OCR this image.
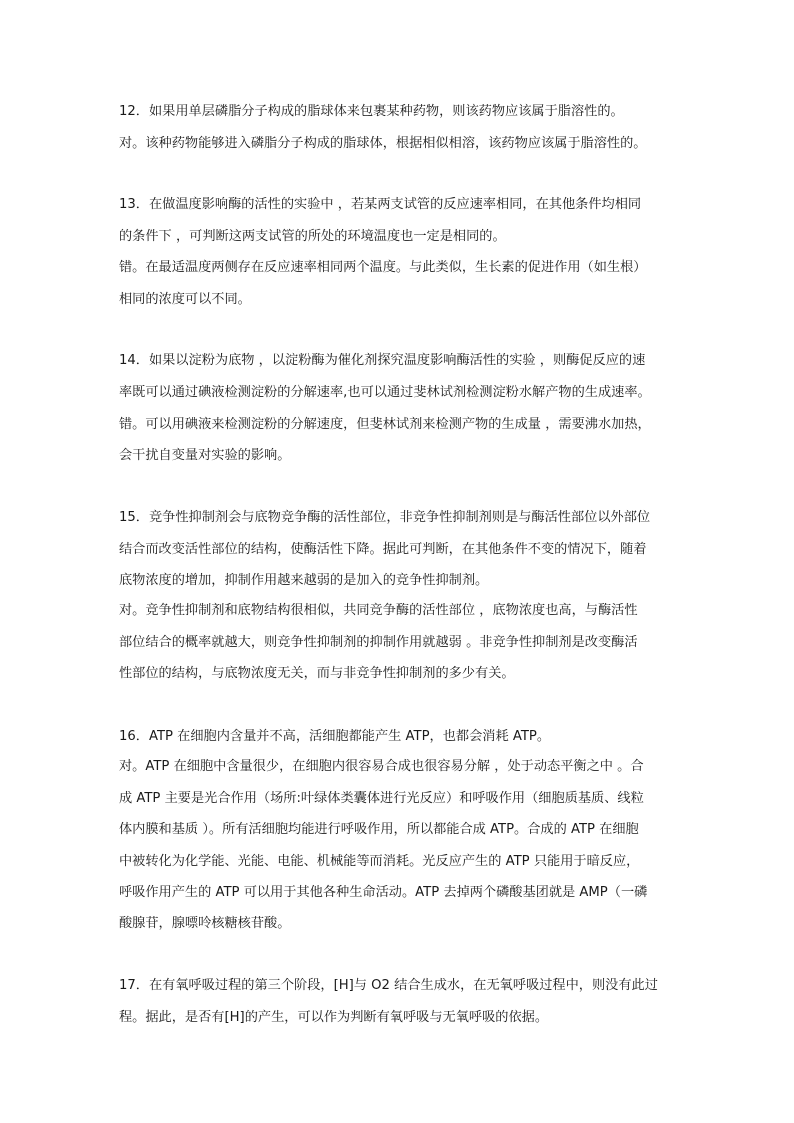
12．如果用单层磷脂分子构成的脂球体来包裹某种药物，则该药物应该属于脂溶性的。
对。该种药物能够进入磷脂分子构成的脂球体，根据相似相溶，该药物应该属于脂溶性的。
13．在做温度影响酶的活性的实验中 ，若某两支试管的反应速率相同，在其他条件均相同
的条件下 ，可判断这两支试管的所处的环境温度也一定是相同的。
错。在最适温度两侧存在反应速率相同两个温度。与此类似，生长素的促进作用（如生根）
相同的浓度可以不同。
14．如果以淀粉为底物 ，以淀粉酶为催化剂探究温度影响酶活性的实验 ，则酶促反应的速
率既可以通过碘液检测淀粉的分解速率,也可以通过斐林试剂检测淀粉水解产物的生成速率。
错。可以用碘液来检测淀粉的分解速度，但斐林试剂来检测产物的生成量 ，需要沸水加热，
会干扰自变量对实验的影响。
15．竞争性抑制剂会与底物竞争酶的活性部位，非竞争性抑制剂则是与酶活性部位以外部位
结合而改变活性部位的结构，使酶活性下降。据此可判断，在其他条件不变的情况下，随着
底物浓度的增加，抑制作用越来越弱的是加入的竞争性抑制剂。
对。竞争性抑制剂和底物结构很相似，共同竞争酶的活性部位 ，底物浓度也高，与酶活性
部位结合的概率就越大，则竞争性抑制剂的抑制作用就越弱 。非竞争性抑制剂是改变酶活
性部位的结构，与底物浓度无关，而与非竞争性抑制剂的多少有关。
16．ATP 在细胞内含量并不高，活细胞都能产生 ATP，也都会消耗 ATP。
对。ATP 在细胞中含量很少，在细胞内很容易合成也很容易分解 ，处于动态平衡之中 。合
成 ATP 主要是光合作用（场所:叶绿体类囊体进行光反应）和呼吸作用（细胞质基质、线粒
体内膜和基质 ）。所有活细胞均能进行呼吸作用，所以都能合成 ATP。合成的 ATP 在细胞
中被转化为化学能、光能、电能、机械能等而消耗。光反应产生的 ATP 只能用于暗反应，
呼吸作用产生的 ATP 可以用于其他各种生命活动。ATP 去掉两个磷酸基团就是 AMP（一磷
酸腺苷，腺嘌呤核糖核苷酸。
17．在有氧呼吸过程的第三个阶段，[H]与 O2 结合生成水，在无氧呼吸过程中，则没有此过
程。据此，是否有[H]的产生，可以作为判断有氧呼吸与无氧呼吸的依据。
